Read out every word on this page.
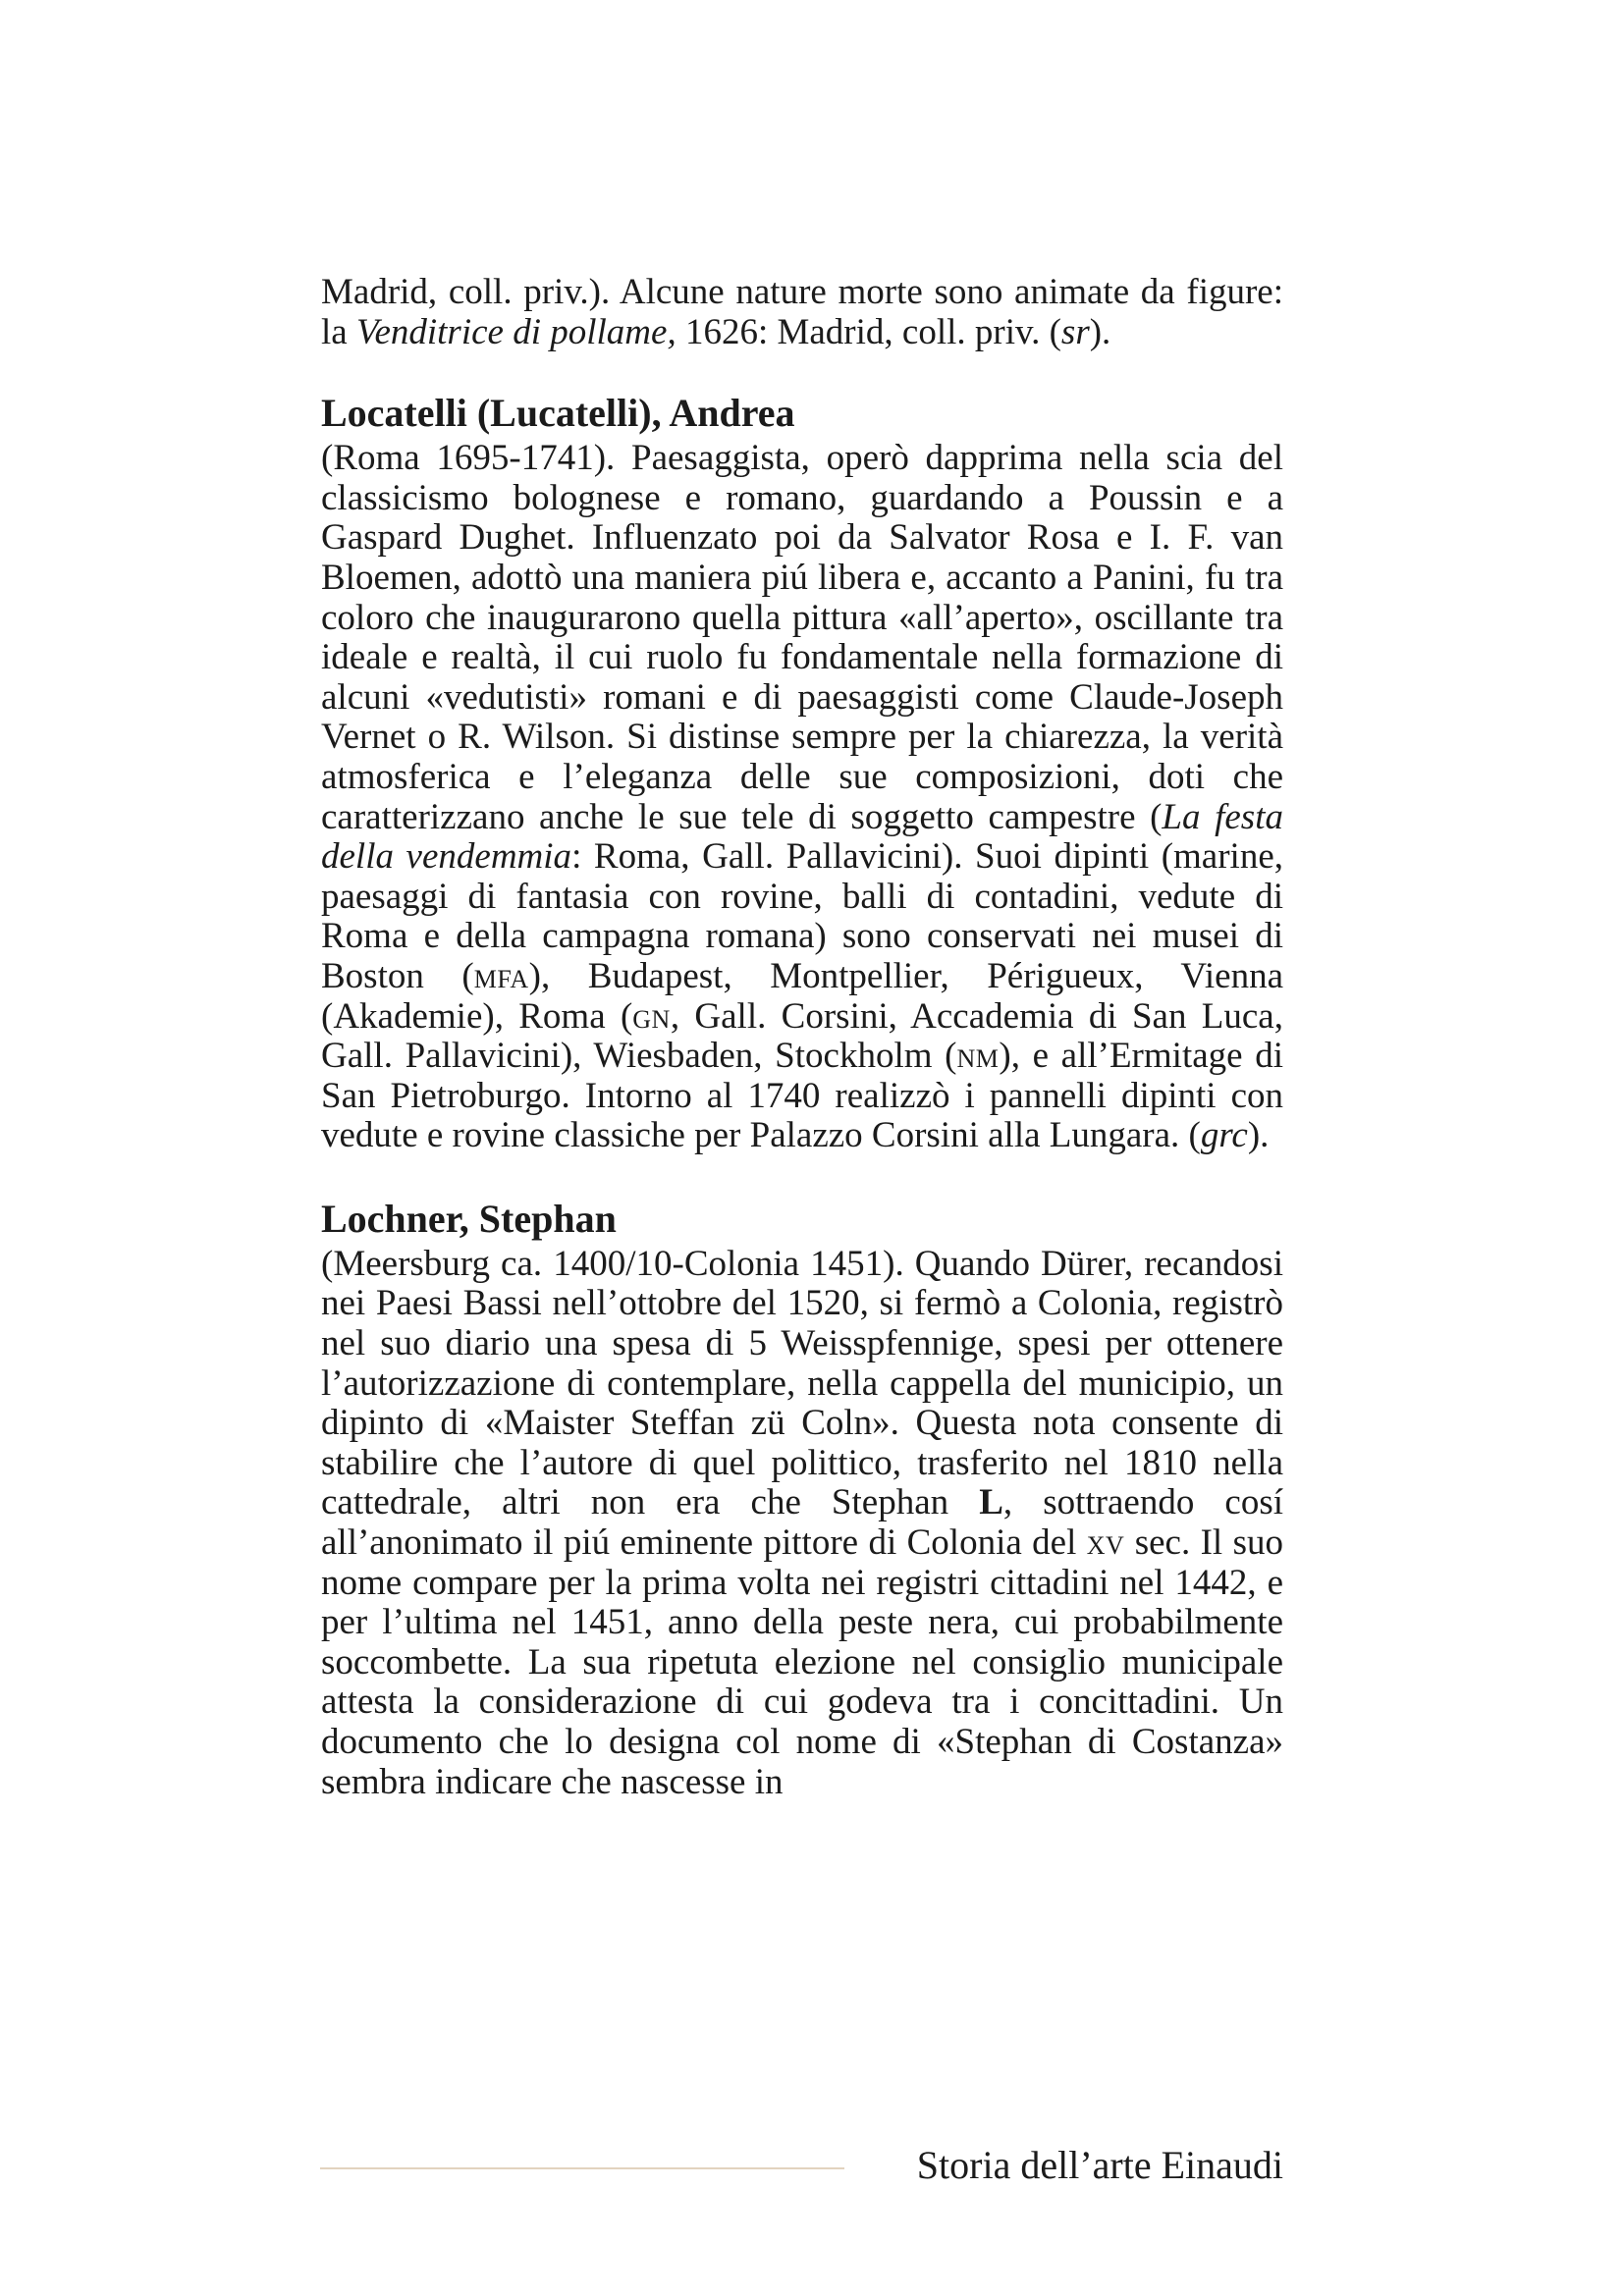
Madrid, coll. priv.). Alcune nature morte sono animate da figure: la Venditrice di pollame, 1626: Madrid, coll. priv. (sr).

Locatelli (Lucatelli), Andrea

(Roma 1695-1741). Paesaggista, operò dapprima nella scia del classicismo bolognese e romano, guardando a Poussin e a Gaspard Dughet. Influenzato poi da Salvator Rosa e I. F. van Bloemen, adottò una maniera piú libera e, accanto a Panini, fu tra coloro che inaugurarono quella pittura «all’aperto», oscillante tra ideale e realtà, il cui ruolo fu fondamentale nella formazione di alcuni «vedutisti» romani e di paesaggisti come Claude-Joseph Vernet o R. Wilson. Si distinse sempre per la chiarezza, la verità atmosferica e l’eleganza delle sue composizioni, doti che caratterizzano anche le sue tele di soggetto campestre (La festa della vendemmia: Roma, Gall. Pallavicini). Suoi dipinti (marine, paesaggi di fantasia con rovine, balli di contadini, vedute di Roma e della campagna romana) sono conservati nei musei di Boston (mfa), Budapest, Montpellier, Périgueux, Vienna (Akademie), Roma (gn, Gall. Corsini, Accademia di San Luca, Gall. Pallavicini), Wiesbaden, Stockholm (nm), e all’Ermitage di San Pietroburgo. Intorno al 1740 realizzò i pannelli dipinti con vedute e rovine classiche per Palazzo Corsini alla Lungara. (grc).

Lochner, Stephan

(Meersburg ca. 1400/10-Colonia 1451). Quando Dürer, recandosi nei Paesi Bassi nell’ottobre del 1520, si fermò a Colonia, registrò nel suo diario una spesa di 5 Weisspfennige, spesi per ottenere l’autorizzazione di contemplare, nella cappella del municipio, un dipinto di «Maister Steffan zü Coln». Questa nota consente di stabilire che l’autore di quel polittico, trasferito nel 1810 nella cattedrale, altri non era che Stephan L, sottraendo cosí all’anonimato il piú eminente pittore di Colonia del xv sec. Il suo nome compare per la prima volta nei registri cittadini nel 1442, e per l’ultima nel 1451, anno della peste nera, cui probabilmente soccombette. La sua ripetuta elezione nel consiglio municipale attesta la considerazione di cui godeva tra i concittadini. Un documento che lo designa col nome di «Stephan di Costanza» sembra indicare che nascesse in

Storia dell’arte Einaudi
